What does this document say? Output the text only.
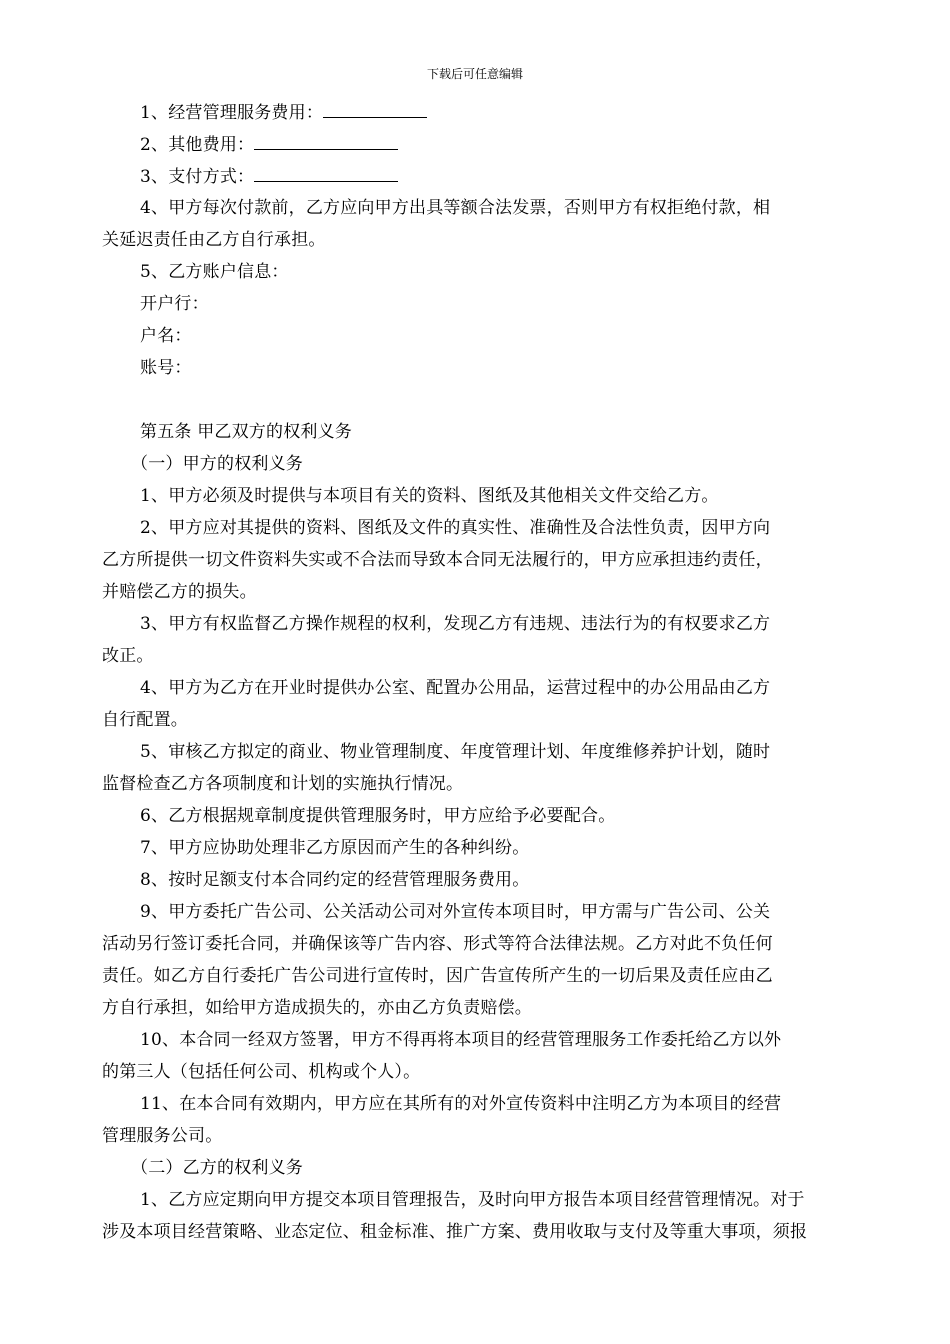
下载后可任意编辑
1、经营管理服务费用：
2、其他费用：
3、支付方式：
4、甲方每次付款前，乙方应向甲方出具等额合法发票，否则甲方有权拒绝付款，相
关延迟责任由乙方自行承担。
5、乙方账户信息：
开户行：
户名：
账号：
第五条 甲乙双方的权利义务
（一）甲方的权利义务
1、甲方必须及时提供与本项目有关的资料、图纸及其他相关文件交给乙方。
2、甲方应对其提供的资料、图纸及文件的真实性、准确性及合法性负责，因甲方向
乙方所提供一切文件资料失实或不合法而导致本合同无法履行的，甲方应承担违约责任，
并赔偿乙方的损失。
3、甲方有权监督乙方操作规程的权利，发现乙方有违规、违法行为的有权要求乙方
改正。
4、甲方为乙方在开业时提供办公室、配置办公用品，运营过程中的办公用品由乙方
自行配置。
5、审核乙方拟定的商业、物业管理制度、年度管理计划、年度维修养护计划，随时
监督检查乙方各项制度和计划的实施执行情况。
6、乙方根据规章制度提供管理服务时，甲方应给予必要配合。
7、甲方应协助处理非乙方原因而产生的各种纠纷。
8、按时足额支付本合同约定的经营管理服务费用。
9、甲方委托广告公司、公关活动公司对外宣传本项目时，甲方需与广告公司、公关
活动另行签订委托合同，并确保该等广告内容、形式等符合法律法规。乙方对此不负任何
责任。如乙方自行委托广告公司进行宣传时，因广告宣传所产生的一切后果及责任应由乙
方自行承担，如给甲方造成损失的，亦由乙方负责赔偿。
10、本合同一经双方签署，甲方不得再将本项目的经营管理服务工作委托给乙方以外
的第三人（包括任何公司、机构或个人）。
11、在本合同有效期内，甲方应在其所有的对外宣传资料中注明乙方为本项目的经营
管理服务公司。
（二）乙方的权利义务
1、乙方应定期向甲方提交本项目管理报告，及时向甲方报告本项目经营管理情况。对于
涉及本项目经营策略、业态定位、租金标准、推广方案、费用收取与支付及等重大事项，须报
